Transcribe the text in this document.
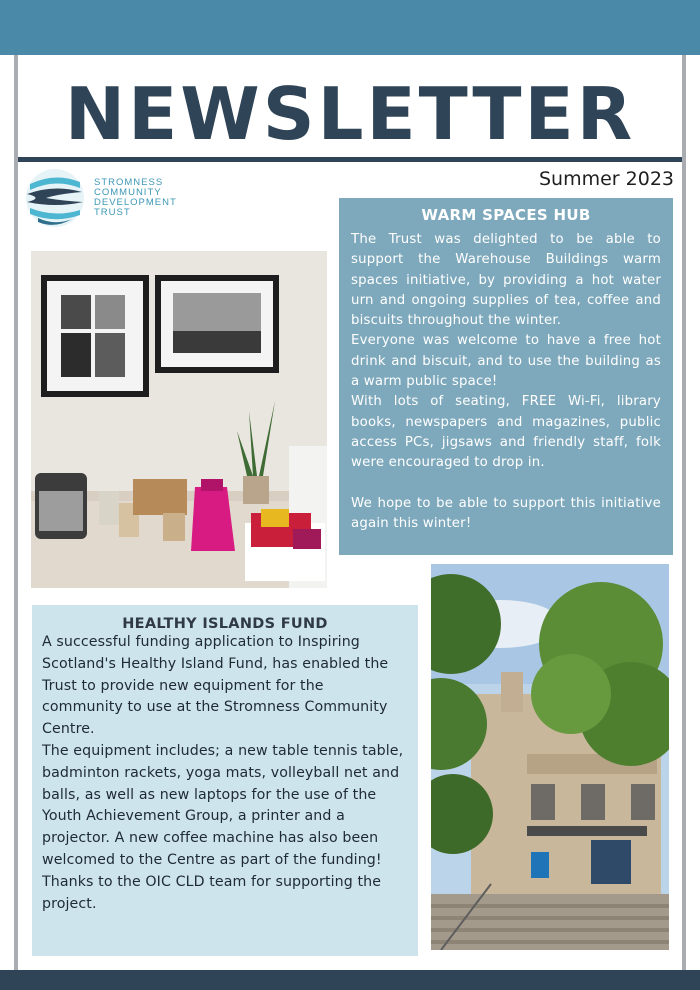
NEWSLETTER
Summer 2023
STROMNESS
COMMUNITY
DEVELOPMENT
TRUST	WARM SPACES HUB

The Trust was delighted to be able to support the Warehouse Buildings warm spaces initiative, by providing a hot water urn and ongoing supplies of tea, coffee and biscuits throughout the winter.

Everyone was welcome to have a free hot drink and biscuit, and to use the building as a warm public space!

With lots of seating, FREE Wi-Fi, library books, newspapers and magazines, public access PCs, jigsaws and friendly staff, folk were encouraged to drop in.

We hope to be able to support this initiative again this winter!

HEALTHY ISLANDS FUND

A successful funding application to Inspiring Scotland's Healthy Island Fund, has enabled the Trust to provide new equipment for the community to use at the Stromness Community Centre.

The equipment includes; a new table tennis table, badminton rackets, yoga mats, volleyball net and balls, as well as new laptops for the use of the Youth Achievement Group, a printer and a projector. A new coffee machine has also been welcomed to the Centre as part of the funding!

Thanks to the OIC CLD team for supporting the project.
